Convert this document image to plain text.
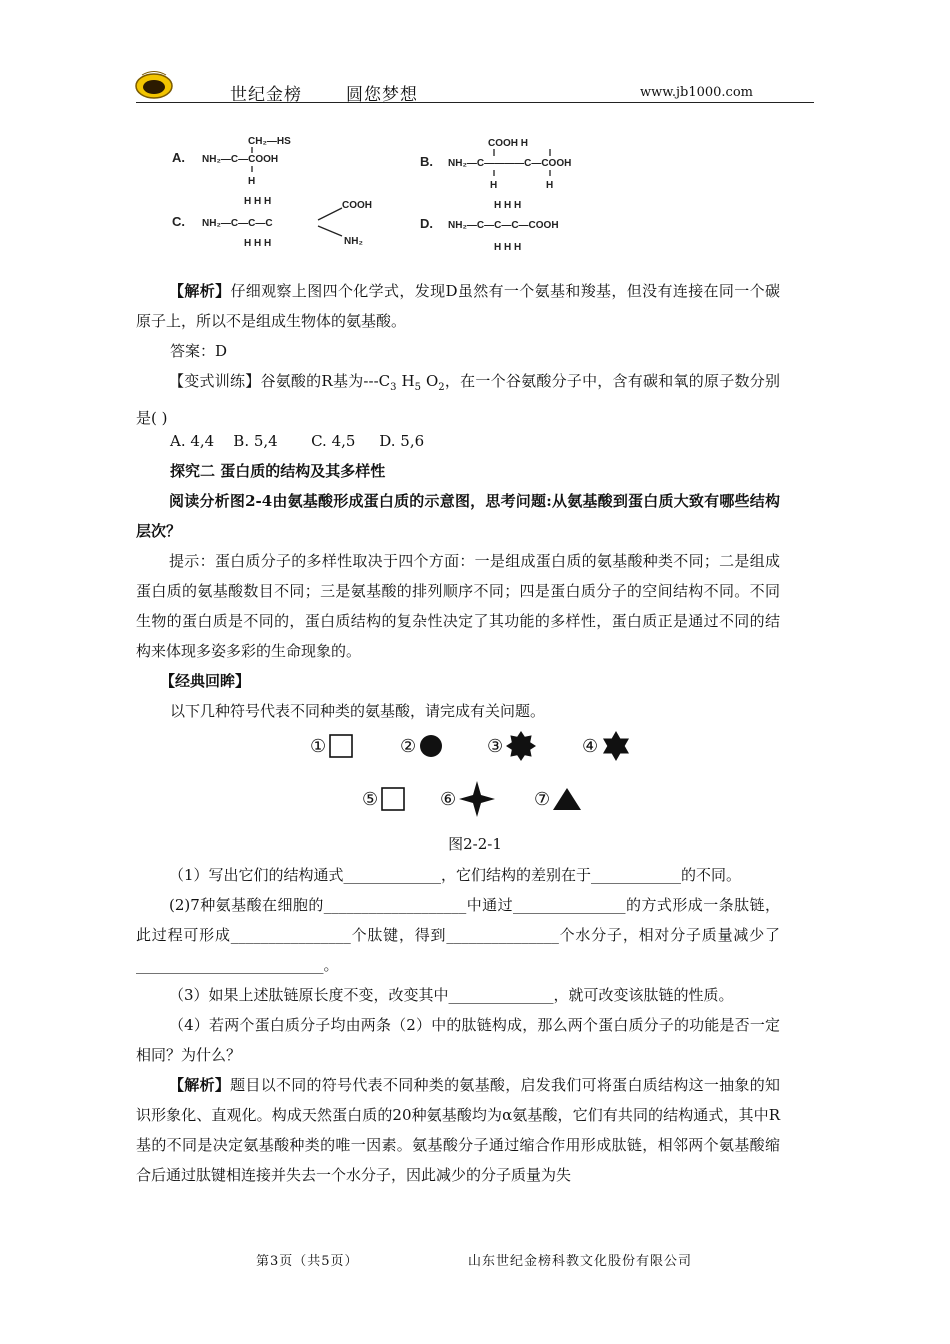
世纪金榜	圆您梦想	www.jb1000.com
A.
CH₂—HS
NH₂—C—COOH
H
B.
COOH H
NH₂—C————C—COOH
H	H
C.
H H H	COOH
NH₂—C—C—C
NH₂
H H H
D.
H H H
NH₂—C—C—C—COOH
H H H
【解析】仔细观察上图四个化学式，发现D虽然有一个氨基和羧基，但没有连接在同一个碳原子上，所以不是组成生物体的氨基酸。
答案：D
【变式训练】谷氨酸的R基为$---C_3$ $H_5$ $O_2$，在一个谷氨酸分子中，含有碳和氧的原子数分别是( )
A. 4,4    B. 5,4       C. 4,5     D. 5,6
探究二 蛋白质的结构及其多样性
阅读分析图2-4由氨基酸形成蛋白质的示意图，思考问题:从氨基酸到蛋白质大致有哪些结构层次？
提示：蛋白质分子的多样性取决于四个方面：一是组成蛋白质的氨基酸种类不同；二是组成蛋白质的氨基酸数目不同；三是氨基酸的排列顺序不同；四是蛋白质分子的空间结构不同。不同生物的蛋白质是不同的，蛋白质结构的复杂性决定了其功能的多样性，蛋白质正是通过不同的结构来体现多姿多彩的生命现象的。
【经典回眸】
以下几种符号代表不同种类的氨基酸，请完成有关问题。
①	②	③	④
⑤	⑥	⑦
图2-2-1
（1）写出它们的结构通式_____________，它们结构的差别在于____________的不同。
(2)7种氨基酸在细胞的___________________中通过_______________的方式形成一条肽链，此过程可形成________________个肽键，得到_______________个水分子，相对分子质量减少了_________________________。
（3）如果上述肽链原长度不变，改变其中______________，就可改变该肽链的性质。
（4）若两个蛋白质分子均由两条（2）中的肽链构成，那么两个蛋白质分子的功能是否一定相同？为什么？
【解析】题目以不同的符号代表不同种类的氨基酸，启发我们可将蛋白质结构这一抽象的知识形象化、直观化。构成天然蛋白质的20种氨基酸均为α氨基酸，它们有共同的结构通式，其中R基的不同是决定氨基酸种类的唯一因素。氨基酸分子通过缩合作用形成肽链，相邻两个氨基酸缩合后通过肽键相连接并失去一个水分子，因此减少的分子质量为失
第3页（共5页）	山东世纪金榜科教文化股份有限公司
